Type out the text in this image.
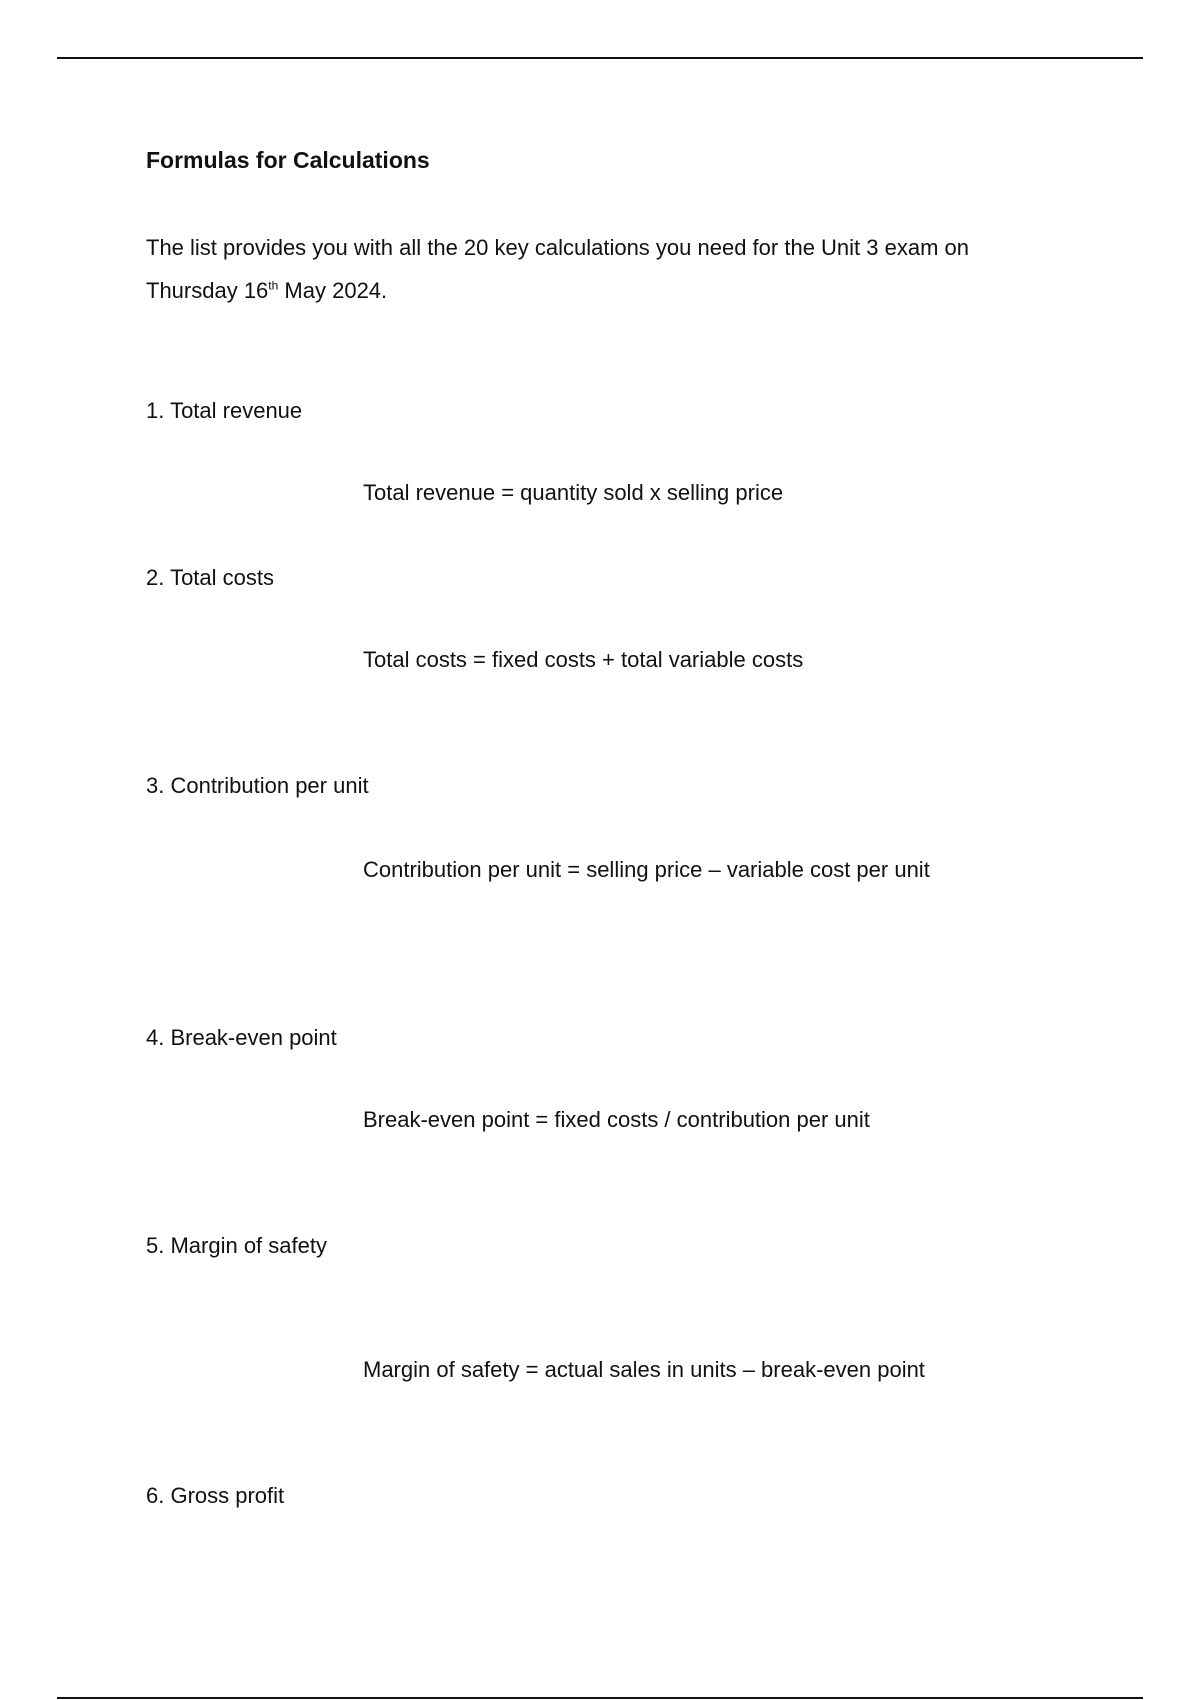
Formulas for Calculations

The list provides you with all the 20 key calculations you need for the Unit 3 exam on
Thursday 16th May 2024.

1. Total revenue

Total revenue = quantity sold x selling price

2. Total costs

Total costs = fixed costs + total variable costs

3. Contribution per unit

Contribution per unit = selling price – variable cost per unit

4. Break-even point

Break-even point = fixed costs / contribution per unit

5. Margin of safety

Margin of safety = actual sales in units – break-even point

6. Gross profit
